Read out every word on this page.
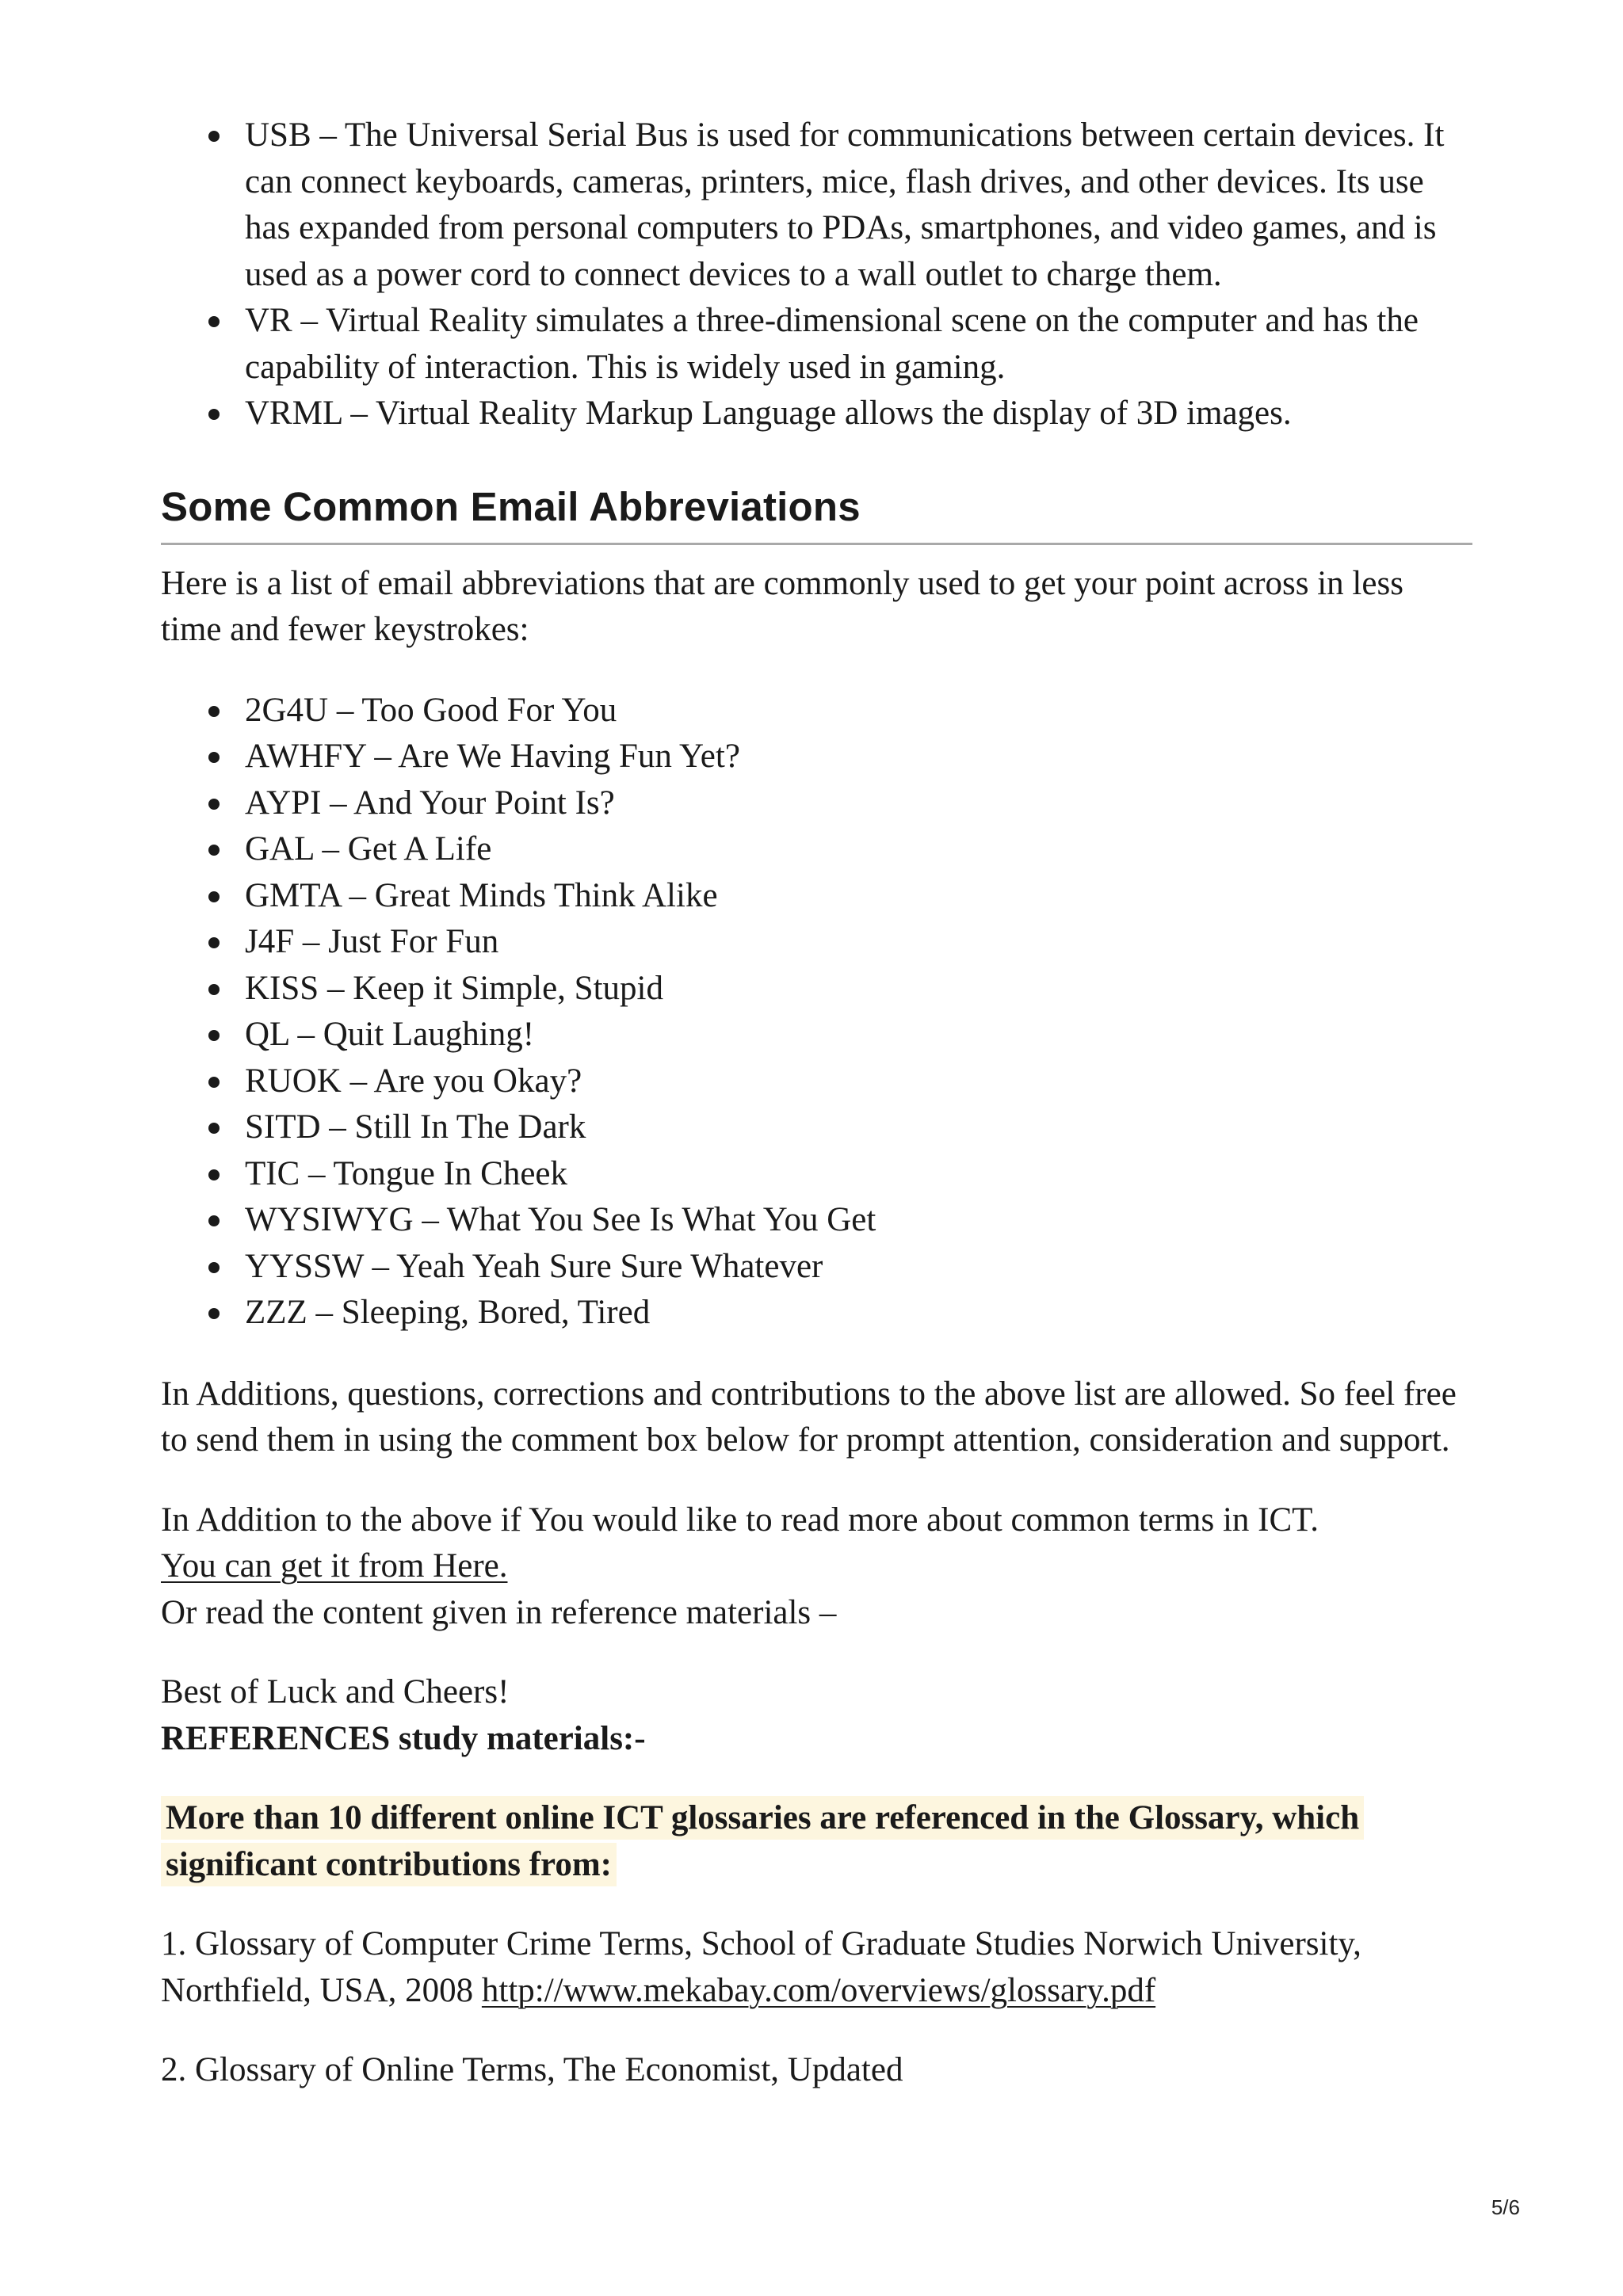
USB – The Universal Serial Bus is used for communications between certain devices. It can connect keyboards, cameras, printers, mice, flash drives, and other devices. Its use has expanded from personal computers to PDAs, smartphones, and video games, and is used as a power cord to connect devices to a wall outlet to charge them.
VR – Virtual Reality simulates a three-dimensional scene on the computer and has the capability of interaction. This is widely used in gaming.
VRML – Virtual Reality Markup Language allows the display of 3D images.
Some Common Email Abbreviations

Here is a list of email abbreviations that are commonly used to get your point across in less time and fewer keystrokes:

2G4U – Too Good For You
AWHFY – Are We Having Fun Yet?
AYPI – And Your Point Is?
GAL – Get A Life
GMTA – Great Minds Think Alike
J4F – Just For Fun
KISS – Keep it Simple, Stupid
QL – Quit Laughing!
RUOK – Are you Okay?
SITD – Still In The Dark
TIC – Tongue In Cheek
WYSIWYG – What You See Is What You Get
YYSSW – Yeah Yeah Sure Sure Whatever
ZZZ – Sleeping, Bored, Tired

In Additions, questions, corrections and contributions to the above list are allowed. So feel free to send them in using the comment box below for prompt attention, consideration and support.

In Addition to the above if You would like to read more about common terms in ICT.

You can get it from Here.

Or read the content given in reference materials –

Best of Luck and Cheers!

REFERENCES study materials:-

More than 10 different online ICT glossaries are referenced in the Glossary, which significant contributions from:

1. Glossary of Computer Crime Terms, School of Graduate Studies Norwich University, Northfield, USA, 2008 http://www.mekabay.com/overviews/glossary.pdf

2. Glossary of Online Terms, The Economist, Updated

5/6
